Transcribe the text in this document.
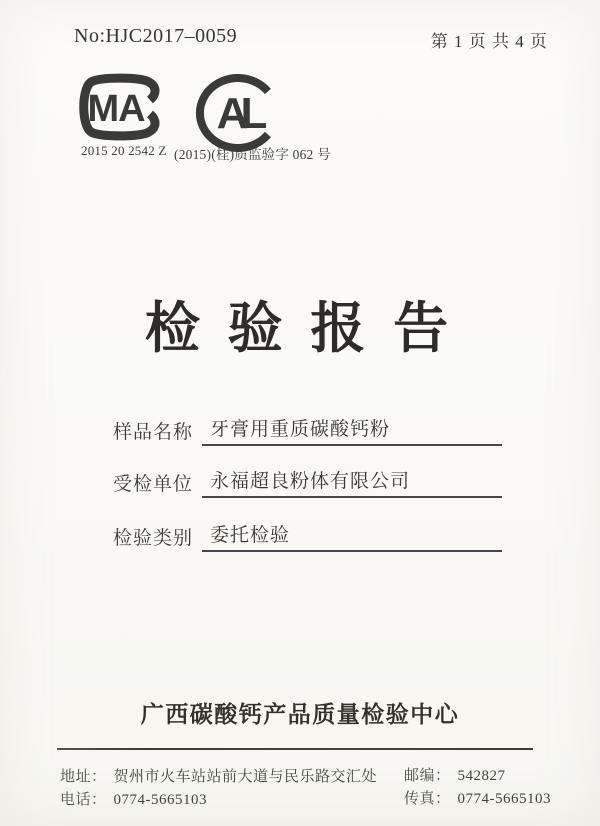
No:HJC2017–0059	第 1 页 共 4 页
MA AL
2015 20 2542 Z (2015)(桂)质监验字 062 号
检 验 报 告
样品名称 牙膏用重质碳酸钙粉
受检单位 永福超良粉体有限公司
检验类别 委托检验
广西碳酸钙产品质量检验中心
地址： 贺州市火车站站前大道与民乐路交汇处 邮编： 542827
电话： 0774-5665103	传真： 0774-5665103
